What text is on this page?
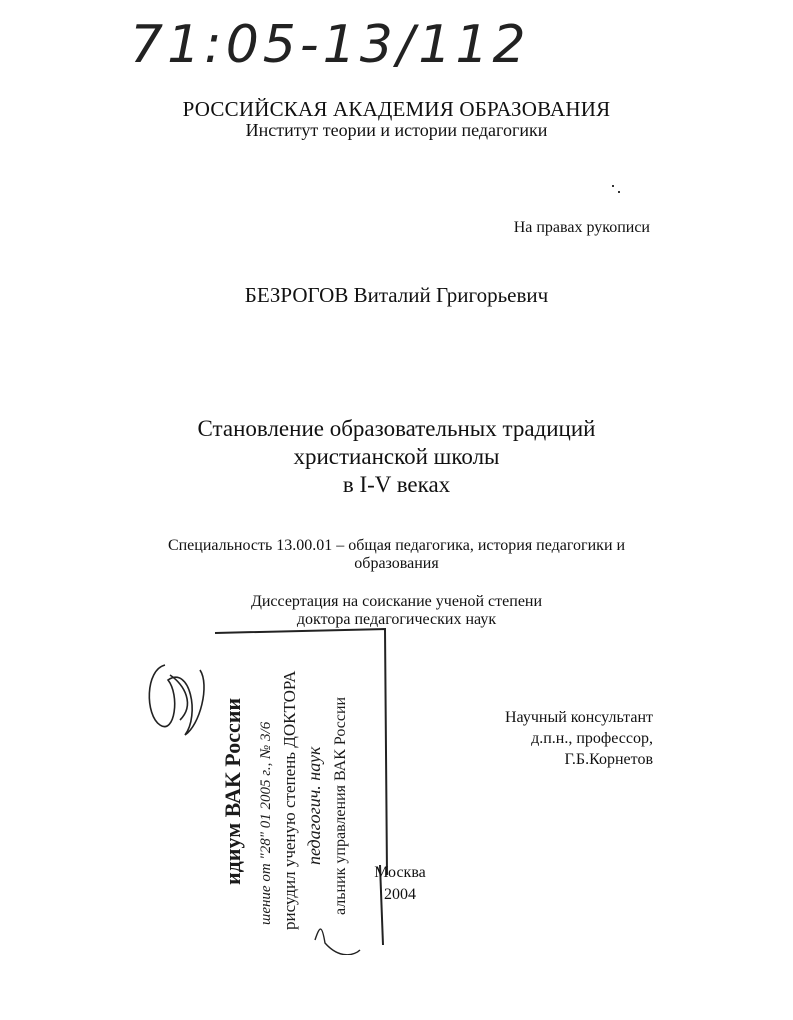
71:05-13/112
РОССИЙСКАЯ АКАДЕМИЯ ОБРАЗОВАНИЯ
Институт теории и истории педагогики
На правах рукописи
БЕЗРОГОВ Виталий Григорьевич
Становление образовательных традиций
христианской школы
в I-V веках
Специальность 13.00.01 – общая педагогика, история педагогики и
образования
Диссертация на соискание ученой степени
доктора педагогических наук
Научный консультант
д.п.н., профессор,
Г.Б.Корнетов
идиум ВАК России шение от "28" 01 2005 г., № 3/6 рисудил ученую степень ДОКТОРА педагогич. наук альник управления ВАК России	Москва
2004
